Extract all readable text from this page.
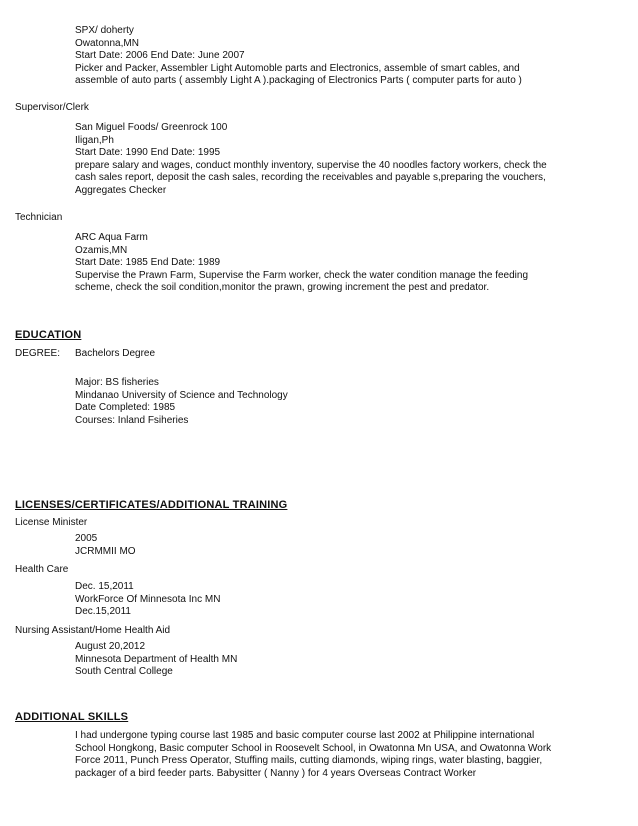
SPX/ doherty
Owatonna,MN
Start Date: 2006 End Date: June 2007
Picker and Packer, Assembler Light Automoble parts and Electronics, assemble of smart cables, and
assemble of auto parts ( assembly Light A ).packaging of Electronics Parts ( computer parts for auto )
Supervisor/Clerk
San Miguel Foods/ Greenrock 100
Iligan,Ph
Start Date: 1990 End Date: 1995
prepare salary and wages, conduct monthly inventory, supervise the 40 noodles factory workers, check the
cash sales report, deposit the cash sales, recording the receivables and payable s,preparing the vouchers,
Aggregates Checker
Technician
ARC Aqua Farm
Ozamis,MN
Start Date: 1985 End Date: 1989
Supervise the Prawn Farm, Supervise the Farm worker, check the water condition manage the feeding
scheme, check the soil condition,monitor the prawn, growing increment the pest and predator.
EDUCATION
DEGREE: Bachelors Degree
Major: BS fisheries
Mindanao University of Science and Technology
Date Completed: 1985
Courses: Inland Fsiheries
LICENSES/CERTIFICATES/ADDITIONAL TRAINING
License Minister
2005
JCRMMII MO
Health Care
Dec. 15,2011
WorkForce Of Minnesota Inc MN
Dec.15,2011
Nursing Assistant/Home Health Aid
August 20,2012
Minnesota Department of Health MN
South Central College
ADDITIONAL SKILLS
I had undergone typing course last 1985 and basic computer course last 2002 at Philippine international
School Hongkong, Basic computer School in Roosevelt School, in Owatonna Mn USA, and Owatonna Work
Force 2011, Punch Press Operator, Stuffing mails, cutting diamonds, wiping rings, water blasting, baggier,
packager of a bird feeder parts. Babysitter ( Nanny ) for 4 years Overseas Contract Worker
